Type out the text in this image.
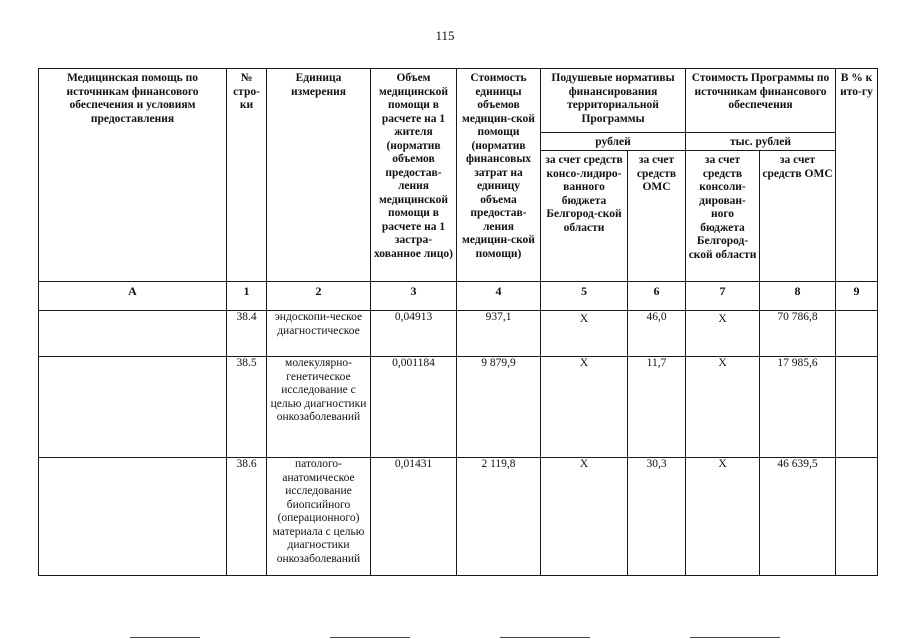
115
Медицинская помощь по источникам финансового обеспечения и условиям предоставления	№ стро-ки	Единица измерения	Объем медицинской помощи в расчете на 1 жителя (норматив объемов предостав-ления медицинской помощи в расчете на 1 застра-хованное лицо)	Стоимость единицы объемов медицин-ской помощи (норматив финансовых затрат на единицу объема предостав-ления медицин-ской помощи)	Подушевые нормативы финансирования территориальной Программы		Стоимость Программы по источникам финансового обеспечения		В % к ито-гу
					рублей		тыс. рублей		
					за счет средств консо-лидиро-ванного бюджета Белгород-ской области	за счет средств ОМС	за счет средств консоли-дирован-ного бюджета Белгород-ской области	за счет средств ОМС	
А	1	2	3	4	5	6	7	8	9
	38.4	эндоскопи-ческое диагностическое	0,04913	937,1	Х	46,0	Х	70 786,8	
	38.5	молекулярно-генетическое исследование с целью диагностики онкозаболеваний	0,001184	9 879,9	Х	11,7	Х	17 985,6	
	38.6	патолого-анатомическое исследование биопсийного (операционного) материала с целью диагностики онкозаболеваний	0,01431	2 119,8	Х	30,3	Х	46 639,5	
